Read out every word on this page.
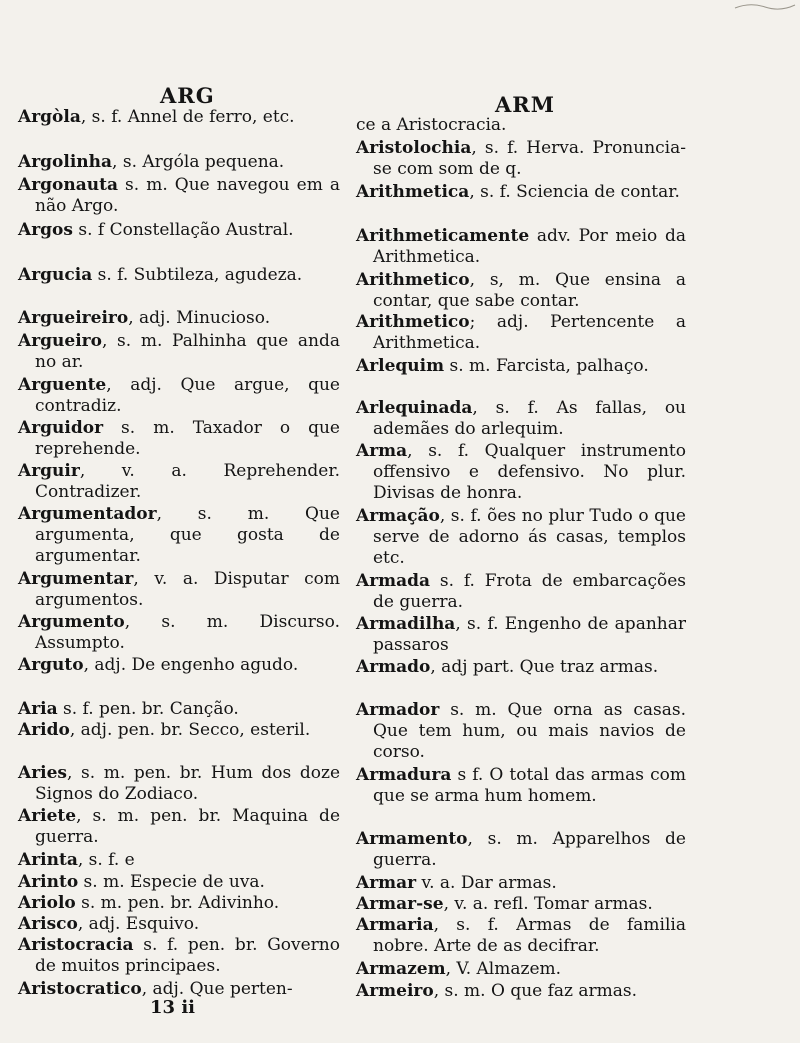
ARG	ARM
Argòla, s. f. Annel de ferro, etc.
Argolinha, s. Argóla pequena.
Argonauta s. m. Que navegou em a não Argo.
Argos s. f Constellação Austral.
Argucia s. f. Subtileza, agudeza.
Argueireiro, adj. Minucioso.
Argueiro, s. m. Palhinha que anda no ar.
Arguente, adj. Que argue, que contradiz.
Arguidor s. m. Taxador o que reprehende.
Arguir, v. a. Reprehender. Contradizer.
Argumentador, s. m. Que argumenta, que gosta de argumentar.
Argumentar, v. a. Disputar com argumentos.
Argumento, s. m. Discurso. Assumpto.
Arguto, adj. De engenho agudo.
Aria s. f. pen. br. Canção.
Arido, adj. pen. br. Secco, esteril.
Aries, s. m. pen. br. Hum dos doze Signos do Zodiaco.
Ariete, s. m. pen. br. Maquina de guerra.
Arinta, s. f. e
Arinto s. m. Especie de uva.
Ariolo s. m. pen. br. Adivinho.
Arisco, adj. Esquivo.
Aristocracia s. f. pen. br. Governo de muitos principaes.
Aristocratico, adj. Que perten-
ce a Aristocracia.
Aristolochia, s. f. Herva. Pronuncia-se com som de q.
Arithmetica, s. f. Sciencia de contar.
Arithmeticamente adv. Por meio da Arithmetica.
Arithmetico, s, m. Que ensina a contar, que sabe contar.
Arithmetico; adj. Pertencente a Arithmetica.
Arlequim s. m. Farcista, palhaço.
Arlequinada, s. f. As fallas, ou ademães do arlequim.
Arma, s. f. Qualquer instrumento offensivo e defensivo. No plur. Divisas de honra.
Armação, s. f. ões no plur Tudo o que serve de adorno ás casas, templos etc.
Armada s. f. Frota de embarcações de guerra.
Armadilha, s. f. Engenho de apanhar passaros
Armado, adj part. Que traz armas.
Armador s. m. Que orna as casas. Que tem hum, ou mais navios de corso.
Armadura s f. O total das armas com que se arma hum homem.
Armamento, s. m. Apparelhos de guerra.
Armar v. a. Dar armas.
Armar-se, v. a. refl. Tomar armas.
Armaria, s. f. Armas de familia nobre. Arte de as decifrar.
Armazem, V. Almazem.
Armeiro, s. m. O que faz armas.
13 ii
